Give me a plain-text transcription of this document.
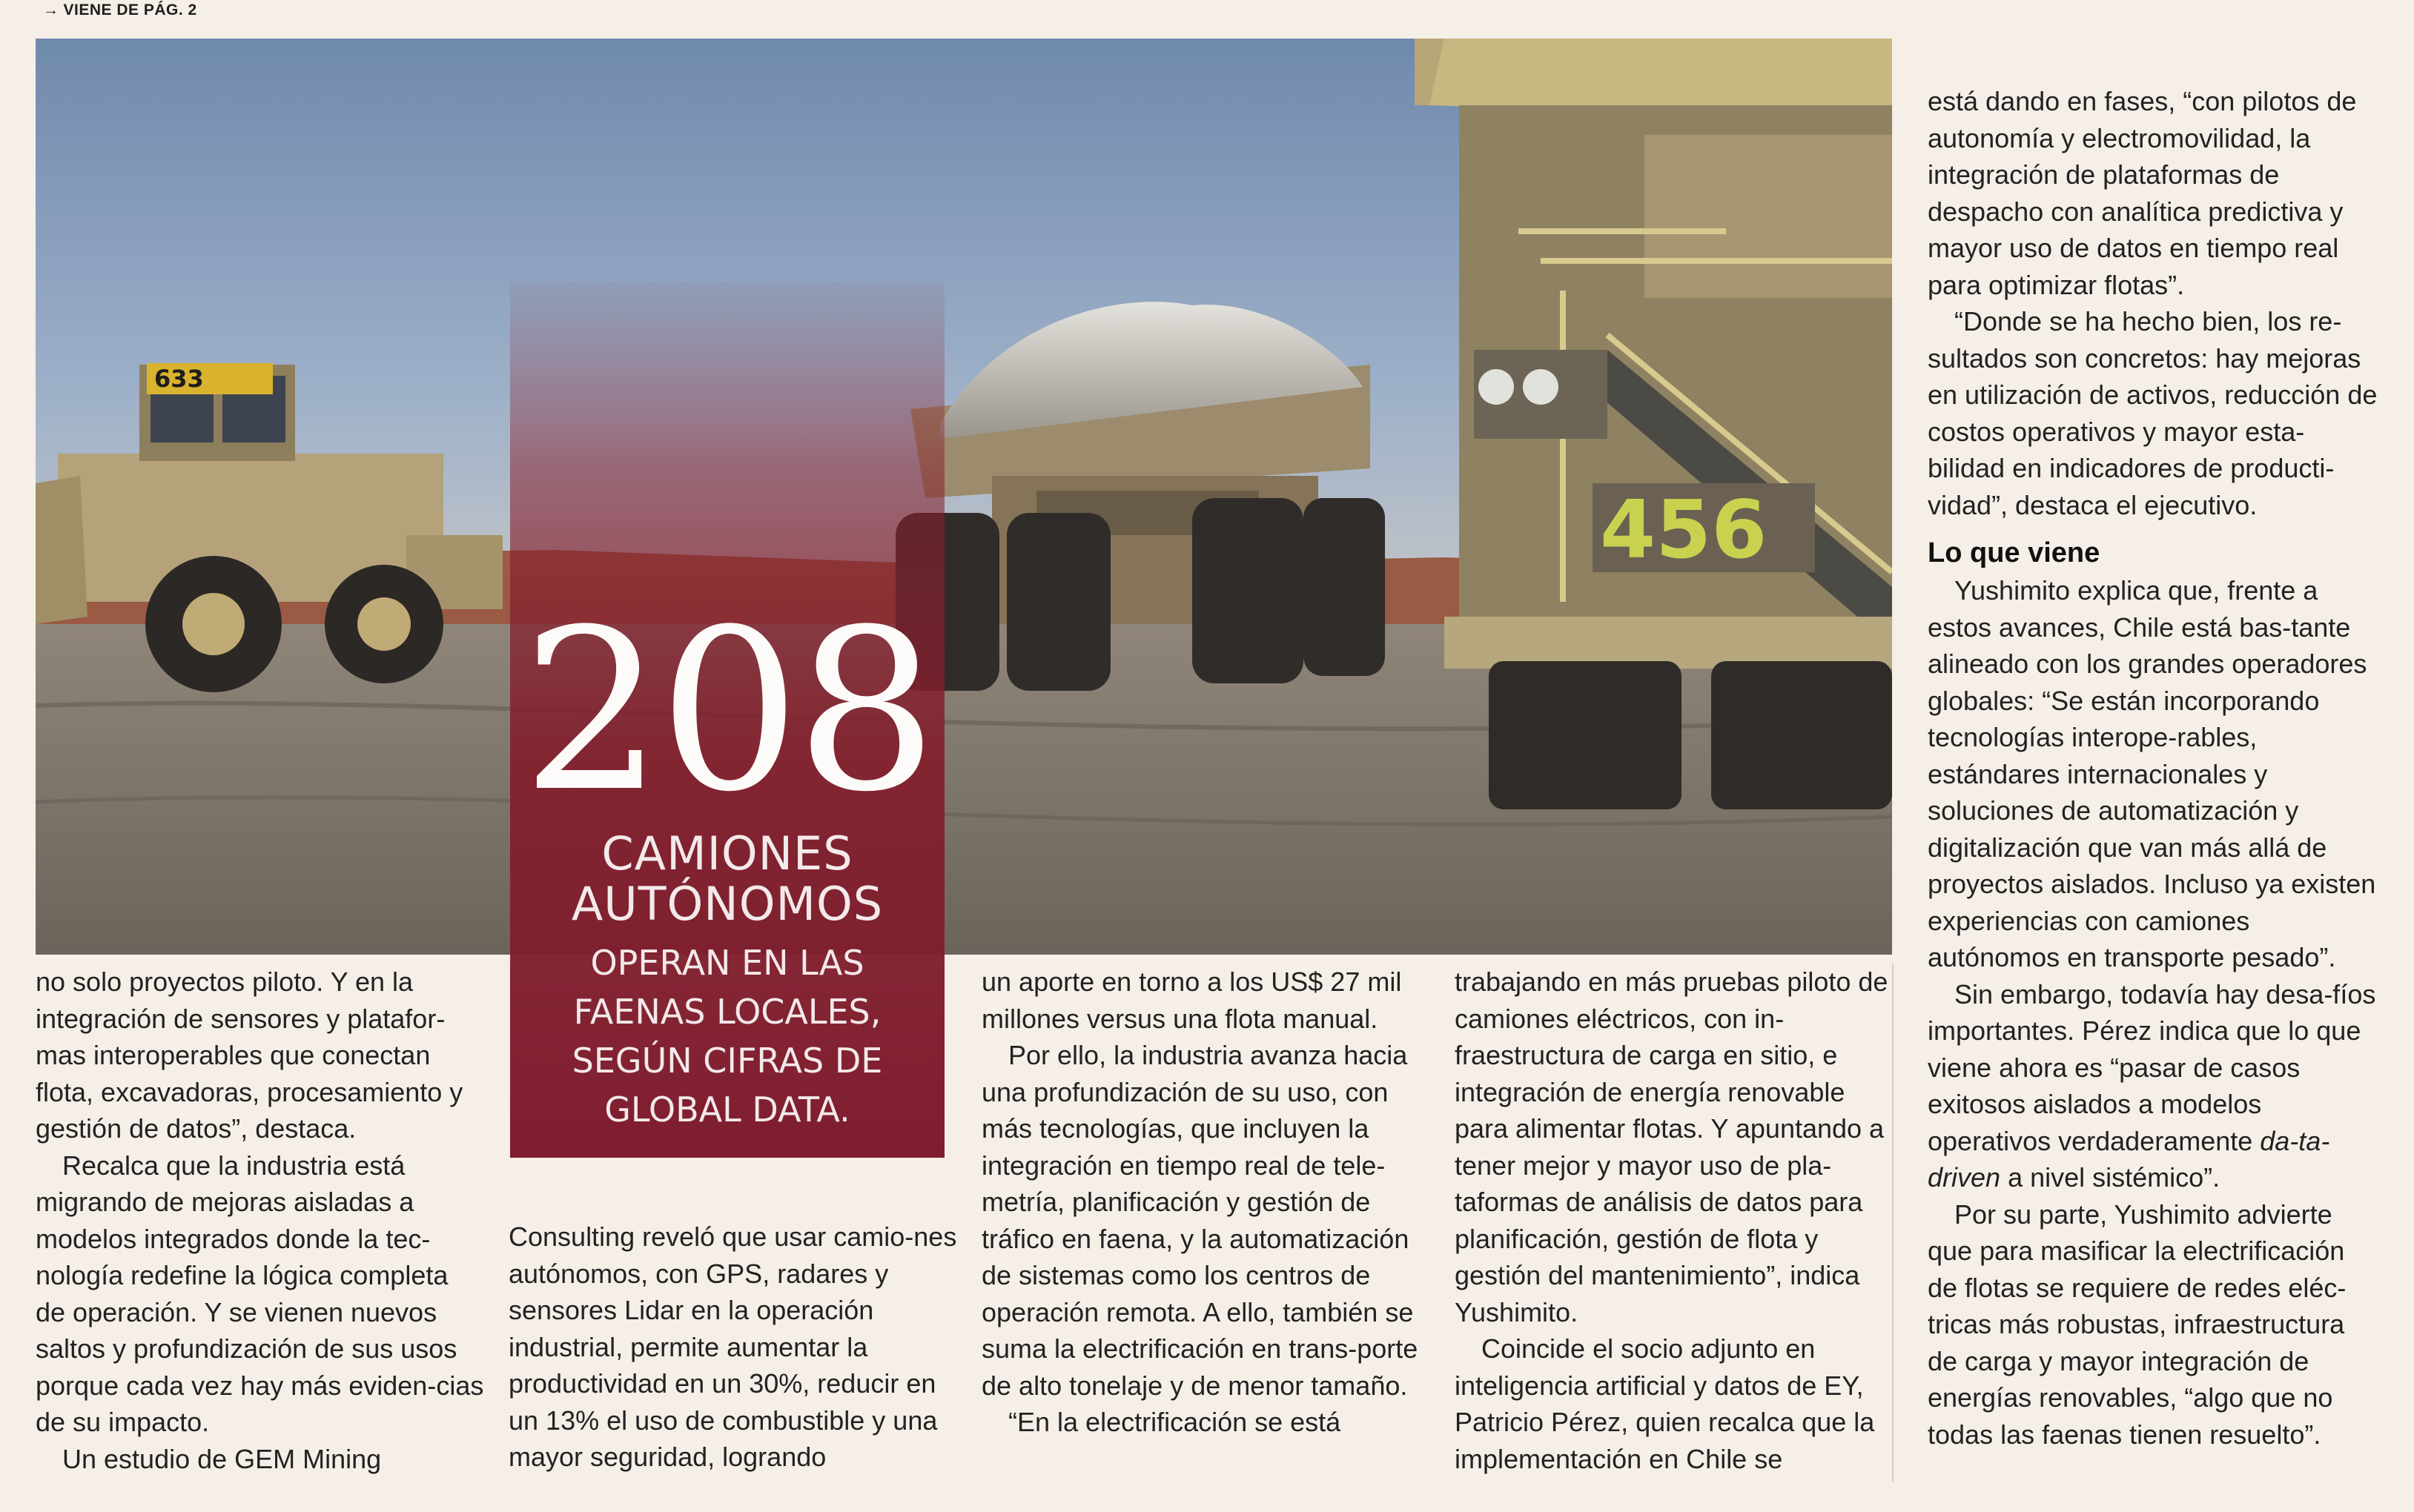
→ VIENE DE PÁG. 2
633
456
208
CAMIONES
AUTÓNOMOS
OPERAN EN LAS
FAENAS LOCALES,
SEGÚN CIFRAS DE
GLOBAL DATA.

no solo proyectos piloto. Y en la integración de sensores y platafor-mas interoperables que conectan flota, excavadoras, procesamiento y gestión de datos”, destaca.

Recalca que la industria está migrando de mejoras aisladas a modelos integrados donde la tec-nología redefine la lógica completa de operación. Y se vienen nuevos saltos y profundización de sus usos porque cada vez hay más eviden-cias de su impacto.

Un estudio de GEM Mining

Consulting reveló que usar camio-nes autónomos, con GPS, radares y sensores Lidar en la operación industrial, permite aumentar la productividad en un 30%, reducir en un 13% el uso de combustible y una mayor seguridad, logrando

un aporte en torno a los US$ 27 mil millones versus una flota manual.

Por ello, la industria avanza hacia una profundización de su uso, con más tecnologías, que incluyen la integración en tiempo real de tele-metría, planificación y gestión de tráfico en faena, y la automatización de sistemas como los centros de operación remota. A ello, también se suma la electrificación en trans-porte de alto tonelaje y de menor tamaño.

“En la electrificación se está

trabajando en más pruebas piloto de camiones eléctricos, con in-fraestructura de carga en sitio, e integración de energía renovable para alimentar flotas. Y apuntando a tener mejor y mayor uso de pla-taformas de análisis de datos para planificación, gestión de flota y gestión del mantenimiento”, indica Yushimito.

Coincide el socio adjunto en inteligencia artificial y datos de EY, Patricio Pérez, quien recalca que la implementación en Chile se

está dando en fases, “con pilotos de autonomía y electromovilidad, la integración de plataformas de despacho con analítica predictiva y mayor uso de datos en tiempo real para optimizar flotas”.

“Donde se ha hecho bien, los re-sultados son concretos: hay mejoras en utilización de activos, reducción de costos operativos y mayor esta-bilidad en indicadores de producti-vidad”, destaca el ejecutivo.

Lo que viene

Yushimito explica que, frente a estos avances, Chile está bas-tante alineado con los grandes operadores globales: “Se están incorporando tecnologías interope-rables, estándares internacionales y soluciones de automatización y digitalización que van más allá de proyectos aislados. Incluso ya existen experiencias con camiones autónomos en transporte pesado”.

Sin embargo, todavía hay desa-fíos importantes. Pérez indica que lo que viene ahora es “pasar de casos exitosos aislados a modelos operativos verdaderamente da-ta-driven a nivel sistémico”.

Por su parte, Yushimito advierte que para masificar la electrificación de flotas se requiere de redes eléc-tricas más robustas, infraestructura de carga y mayor integración de energías renovables, “algo que no todas las faenas tienen resuelto”.
